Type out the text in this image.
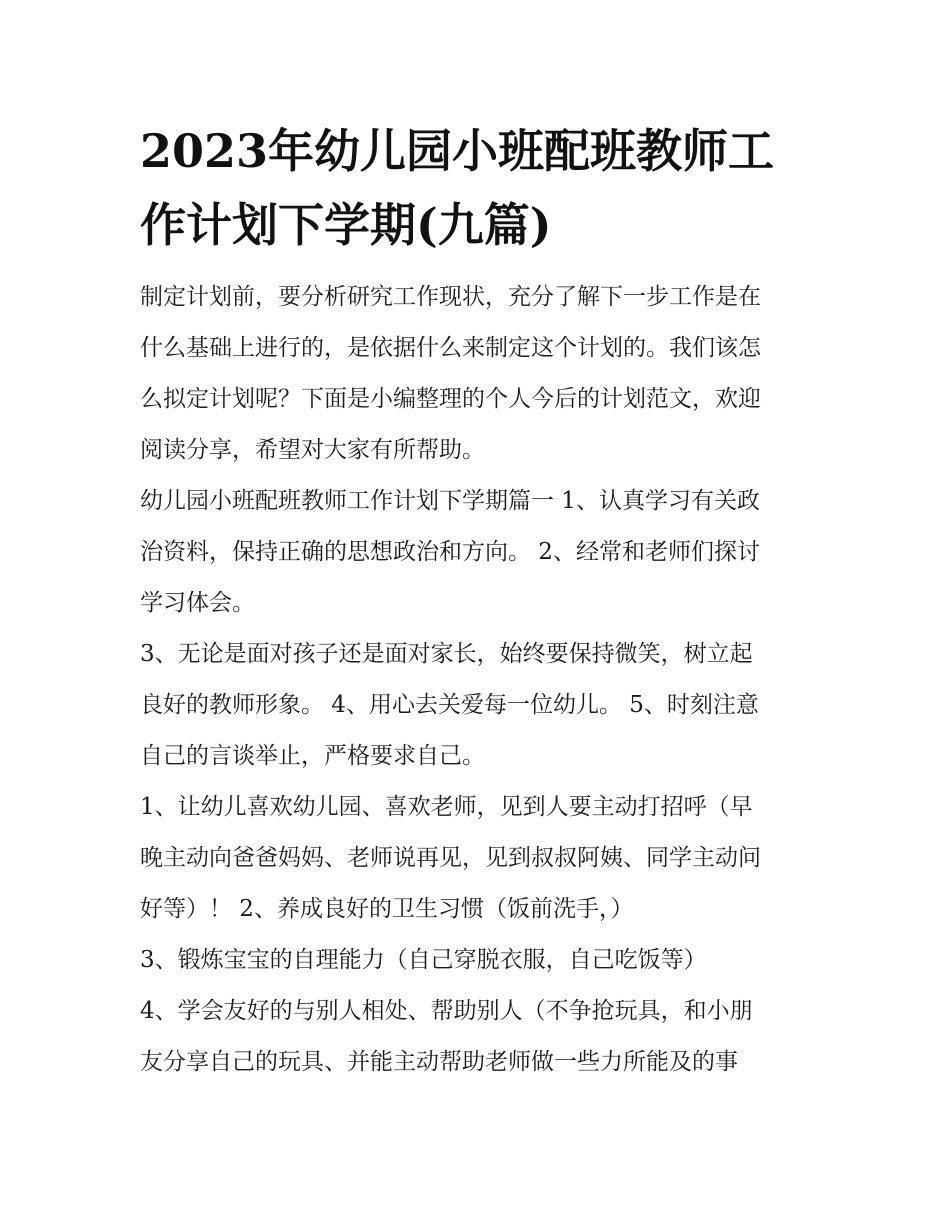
2023年幼儿园小班配班教师工
作计划下学期(九篇)

制定计划前，要分析研究工作现状，充分了解下一步工作是在
什么基础上进行的，是依据什么来制定这个计划的。我们该怎
么拟定计划呢？下面是小编整理的个人今后的计划范文，欢迎
阅读分享，希望对大家有所帮助。

幼儿园小班配班教师工作计划下学期篇一 1、认真学习有关政
治资料，保持正确的思想政治和方向。 2、经常和老师们探讨
学习体会。

3、无论是面对孩子还是面对家长，始终要保持微笑，树立起
良好的教师形象。 4、用心去关爱每一位幼儿。 5、时刻注意
自己的言谈举止，严格要求自己。

1、让幼儿喜欢幼儿园、喜欢老师，见到人要主动打招呼（早
晚主动向爸爸妈妈、老师说再见，见到叔叔阿姨、同学主动问
好等）！ 2、养成良好的卫生习惯（饭前洗手，）

3、锻炼宝宝的自理能力（自己穿脱衣服，自己吃饭等）

4、学会友好的与别人相处、帮助别人（不争抢玩具，和小朋
友分享自己的玩具、并能主动帮助老师做一些力所能及的事
